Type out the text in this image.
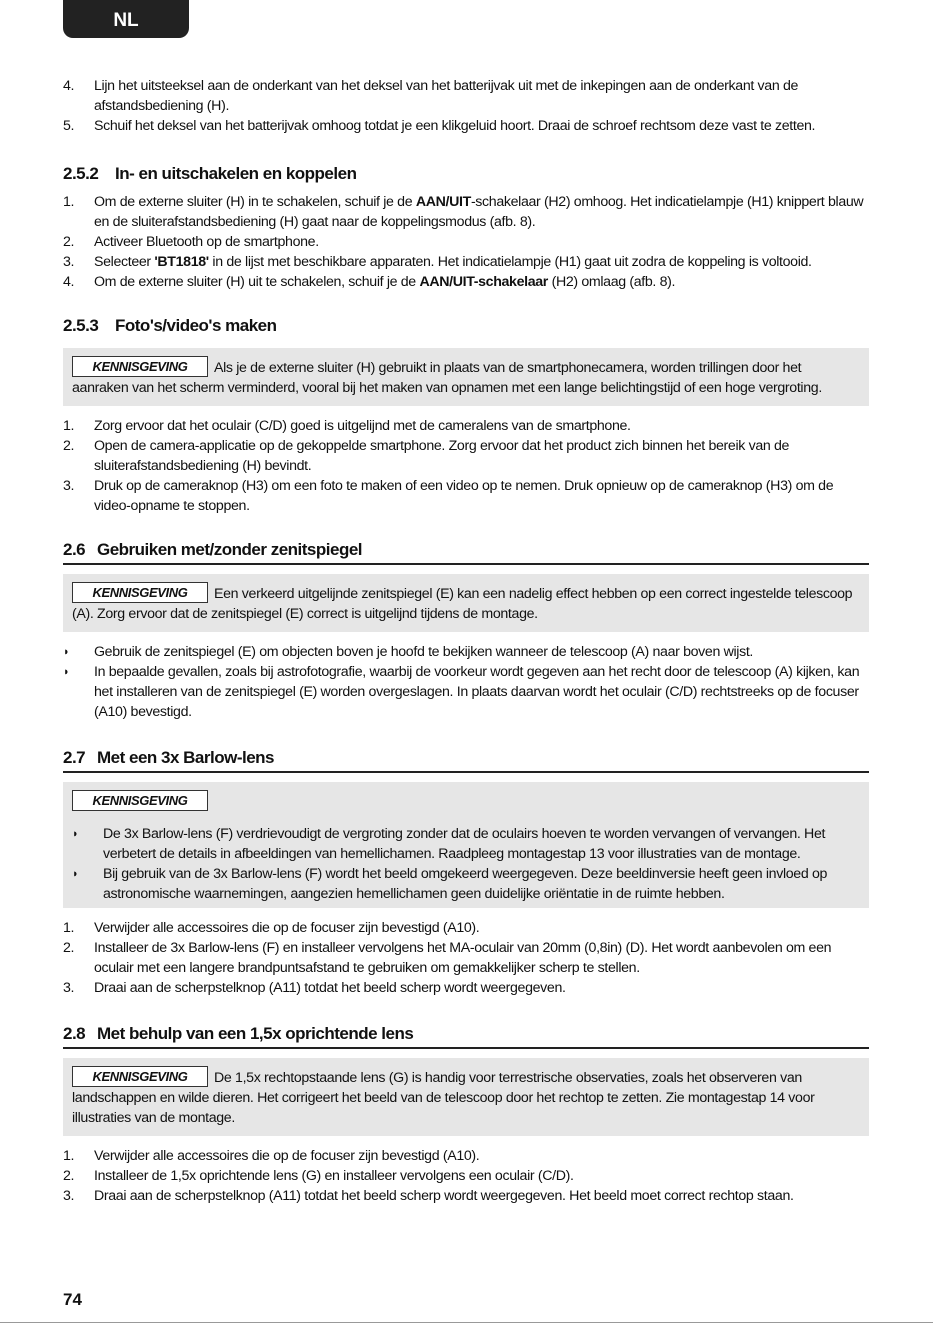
NL
4. Lijn het uitsteeksel aan de onderkant van het deksel van het batterijvak uit met de inkepingen aan de onderkant van de afstandsbediening (H).
5. Schuif het deksel van het batterijvak omhoog totdat je een klikgeluid hoort. Draai de schroef rechtsom deze vast te zetten.
2.5.2 In- en uitschakelen en koppelen
1. Om de externe sluiter (H) in te schakelen, schuif je de AAN/UIT-schakelaar (H2) omhoog. Het indicatielampje (H1) knippert blauw en de sluiterafstandsbediening (H) gaat naar de koppelingsmodus (afb. 8).
2. Activeer Bluetooth op de smartphone.
3. Selecteer 'BT1818' in de lijst met beschikbare apparaten. Het indicatielampje (H1) gaat uit zodra de koppeling is voltooid.
4. Om de externe sluiter (H) uit te schakelen, schuif je de AAN/UIT-schakelaar (H2) omlaag (afb. 8).
2.5.3 Foto's/video's maken
KENNISGEVING Als je de externe sluiter (H) gebruikt in plaats van de smartphonecamera, worden trillingen door het aanraken van het scherm verminderd, vooral bij het maken van opnamen met een lange belichtingstijd of een hoge vergroting.
1. Zorg ervoor dat het oculair (C/D) goed is uitgelijnd met de cameralens van de smartphone.
2. Open de camera-applicatie op de gekoppelde smartphone. Zorg ervoor dat het product zich binnen het bereik van de sluiterafstandsbediening (H) bevindt.
3. Druk op de cameraknop (H3) om een foto te maken of een video op te nemen. Druk opnieuw op de cameraknop (H3) om de video-opname te stoppen.
2.6 Gebruiken met/zonder zenitspiegel
KENNISGEVING Een verkeerd uitgelijnde zenitspiegel (E) kan een nadelig effect hebben op een correct ingestelde telescoop (A). Zorg ervoor dat de zenitspiegel (E) correct is uitgelijnd tijdens de montage.
◗ Gebruik de zenitspiegel (E) om objecten boven je hoofd te bekijken wanneer de telescoop (A) naar boven wijst.
◗ In bepaalde gevallen, zoals bij astrofotografie, waarbij de voorkeur wordt gegeven aan het recht door de telescoop (A) kijken, kan het installeren van de zenitspiegel (E) worden overgeslagen. In plaats daarvan wordt het oculair (C/D) rechtstreeks op de focuser (A10) bevestigd.
2.7 Met een 3x Barlow-lens
KENNISGEVING
◗ De 3x Barlow-lens (F) verdrievoudigt de vergroting zonder dat de oculairs hoeven te worden vervangen of vervangen. Het verbetert de details in afbeeldingen van hemellichamen. Raadpleeg montagestap 13 voor illustraties van de montage.
◗ Bij gebruik van de 3x Barlow-lens (F) wordt het beeld omgekeerd weergegeven. Deze beeldinversie heeft geen invloed op astronomische waarnemingen, aangezien hemellichamen geen duidelijke oriëntatie in de ruimte hebben.
1. Verwijder alle accessoires die op de focuser zijn bevestigd (A10).
2. Installeer de 3x Barlow-lens (F) en installeer vervolgens het MA-oculair van 20mm (0,8in) (D). Het wordt aanbevolen om een oculair met een langere brandpuntsafstand te gebruiken om gemakkelijker scherp te stellen.
3. Draai aan de scherpstelknop (A11) totdat het beeld scherp wordt weergegeven.
2.8 Met behulp van een 1,5x oprichtende lens
KENNISGEVING De 1,5x rechtopstaande lens (G) is handig voor terrestrische observaties, zoals het observeren van landschappen en wilde dieren. Het corrigeert het beeld van de telescoop door het rechtop te zetten. Zie montagestap 14 voor illustraties van de montage.
1. Verwijder alle accessoires die op de focuser zijn bevestigd (A10).
2. Installeer de 1,5x oprichtende lens (G) en installeer vervolgens een oculair (C/D).
3. Draai aan de scherpstelknop (A11) totdat het beeld scherp wordt weergegeven. Het beeld moet correct rechtop staan.
74
